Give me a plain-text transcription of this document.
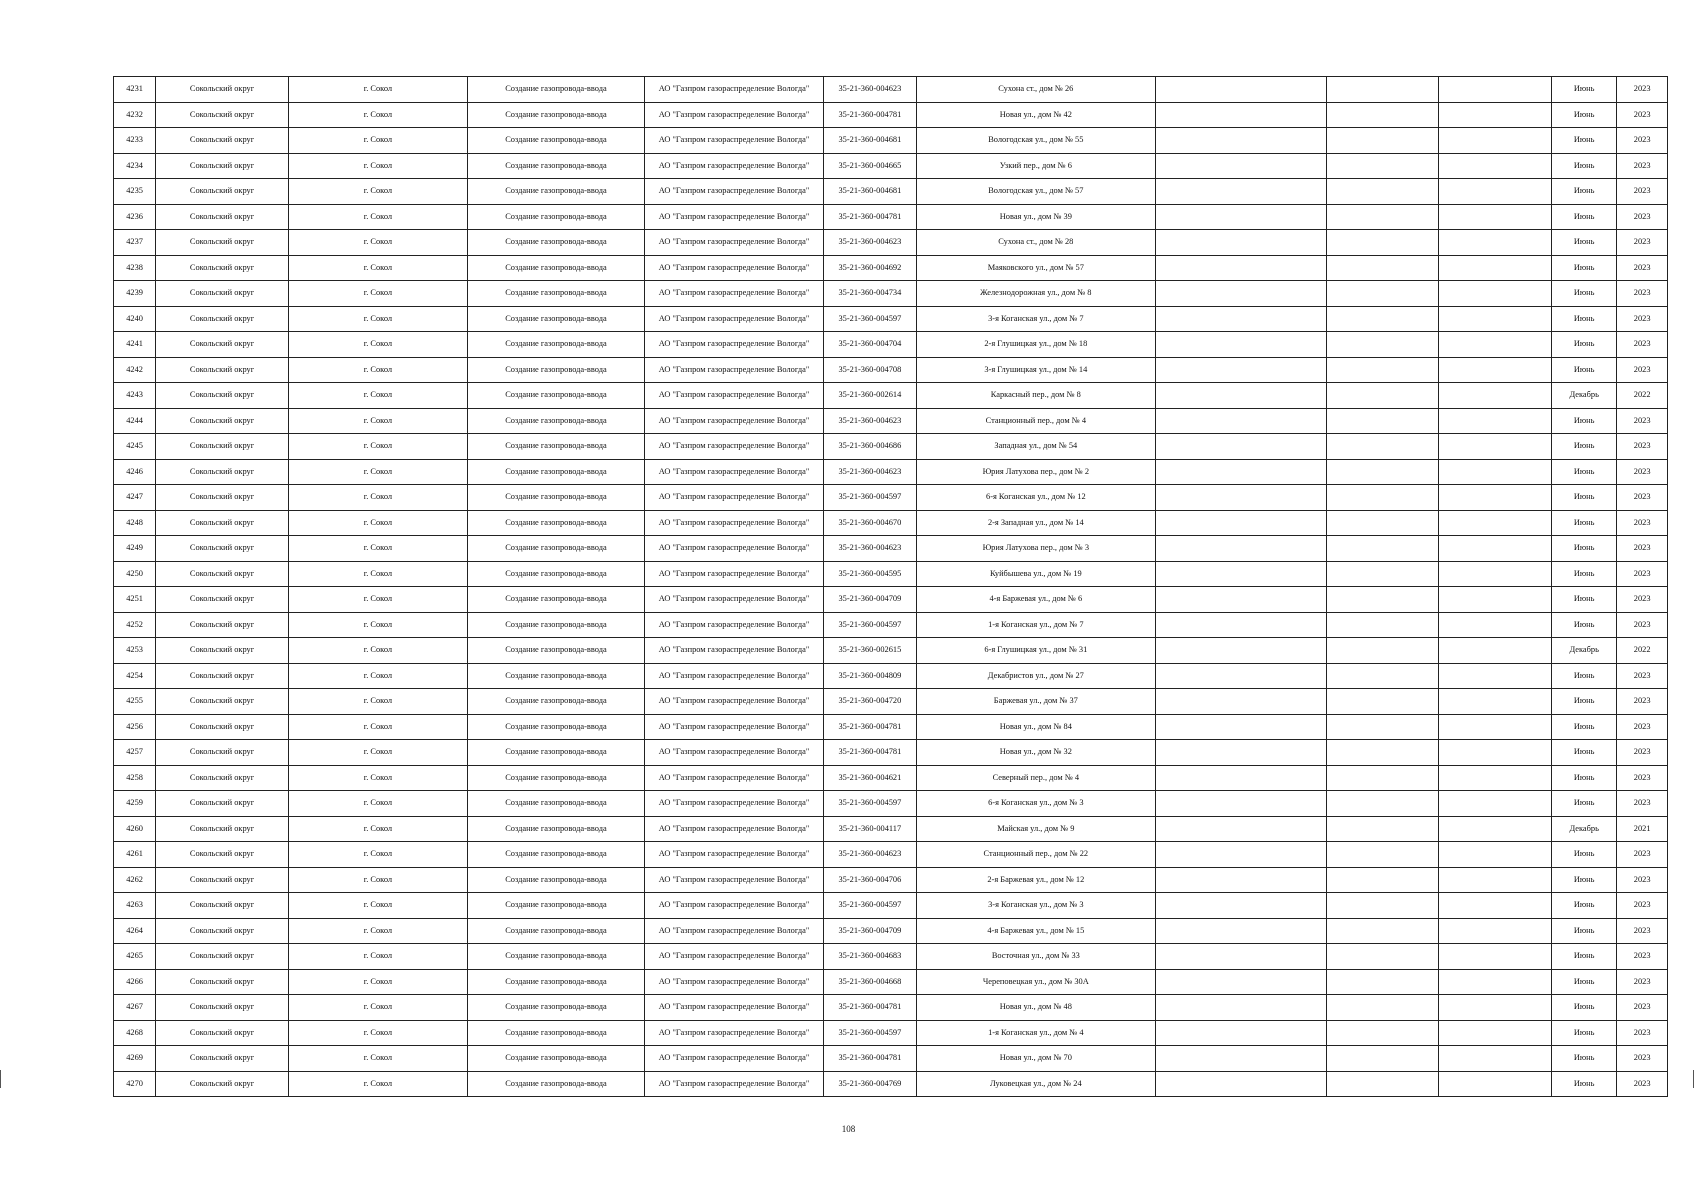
4231	Сокольский округ	г. Сокол	Создание газопровода-ввода	АО "Газпром газораспределение Вологда"	35-21-360-004623	Сухона ст., дом № 26				Июнь	2023
4232	Сокольский округ	г. Сокол	Создание газопровода-ввода	АО "Газпром газораспределение Вологда"	35-21-360-004781	Новая ул., дом № 42				Июнь	2023
4233	Сокольский округ	г. Сокол	Создание газопровода-ввода	АО "Газпром газораспределение Вологда"	35-21-360-004681	Вологодская ул., дом № 55				Июнь	2023
4234	Сокольский округ	г. Сокол	Создание газопровода-ввода	АО "Газпром газораспределение Вологда"	35-21-360-004665	Узкий пер., дом № 6				Июнь	2023
4235	Сокольский округ	г. Сокол	Создание газопровода-ввода	АО "Газпром газораспределение Вологда"	35-21-360-004681	Вологодская ул., дом № 57				Июнь	2023
4236	Сокольский округ	г. Сокол	Создание газопровода-ввода	АО "Газпром газораспределение Вологда"	35-21-360-004781	Новая ул., дом № 39				Июнь	2023
4237	Сокольский округ	г. Сокол	Создание газопровода-ввода	АО "Газпром газораспределение Вологда"	35-21-360-004623	Сухона ст., дом № 28				Июнь	2023
4238	Сокольский округ	г. Сокол	Создание газопровода-ввода	АО "Газпром газораспределение Вологда"	35-21-360-004692	Маяковского ул., дом № 57				Июнь	2023
4239	Сокольский округ	г. Сокол	Создание газопровода-ввода	АО "Газпром газораспределение Вологда"	35-21-360-004734	Железнодорожная ул., дом № 8				Июнь	2023
4240	Сокольский округ	г. Сокол	Создание газопровода-ввода	АО "Газпром газораспределение Вологда"	35-21-360-004597	3-я Коганская ул., дом № 7				Июнь	2023
4241	Сокольский округ	г. Сокол	Создание газопровода-ввода	АО "Газпром газораспределение Вологда"	35-21-360-004704	2-я Глушицкая ул., дом № 18				Июнь	2023
4242	Сокольский округ	г. Сокол	Создание газопровода-ввода	АО "Газпром газораспределение Вологда"	35-21-360-004708	3-я Глушицкая ул., дом № 14				Июнь	2023
4243	Сокольский округ	г. Сокол	Создание газопровода-ввода	АО "Газпром газораспределение Вологда"	35-21-360-002614	Каркасный пер., дом № 8				Декабрь	2022
4244	Сокольский округ	г. Сокол	Создание газопровода-ввода	АО "Газпром газораспределение Вологда"	35-21-360-004623	Станционный пер., дом № 4				Июнь	2023
4245	Сокольский округ	г. Сокол	Создание газопровода-ввода	АО "Газпром газораспределение Вологда"	35-21-360-004686	Западная ул., дом № 54				Июнь	2023
4246	Сокольский округ	г. Сокол	Создание газопровода-ввода	АО "Газпром газораспределение Вологда"	35-21-360-004623	Юрия Латухова пер., дом № 2				Июнь	2023
4247	Сокольский округ	г. Сокол	Создание газопровода-ввода	АО "Газпром газораспределение Вологда"	35-21-360-004597	6-я Коганская ул., дом № 12				Июнь	2023
4248	Сокольский округ	г. Сокол	Создание газопровода-ввода	АО "Газпром газораспределение Вологда"	35-21-360-004670	2-я Западная ул., дом № 14				Июнь	2023
4249	Сокольский округ	г. Сокол	Создание газопровода-ввода	АО "Газпром газораспределение Вологда"	35-21-360-004623	Юрия Латухова пер., дом № 3				Июнь	2023
4250	Сокольский округ	г. Сокол	Создание газопровода-ввода	АО "Газпром газораспределение Вологда"	35-21-360-004595	Куйбышева ул., дом № 19				Июнь	2023
4251	Сокольский округ	г. Сокол	Создание газопровода-ввода	АО "Газпром газораспределение Вологда"	35-21-360-004709	4-я Баржевая ул., дом № 6				Июнь	2023
4252	Сокольский округ	г. Сокол	Создание газопровода-ввода	АО "Газпром газораспределение Вологда"	35-21-360-004597	1-я Коганская ул., дом № 7				Июнь	2023
4253	Сокольский округ	г. Сокол	Создание газопровода-ввода	АО "Газпром газораспределение Вологда"	35-21-360-002615	6-я Глушицкая ул., дом № 31				Декабрь	2022
4254	Сокольский округ	г. Сокол	Создание газопровода-ввода	АО "Газпром газораспределение Вологда"	35-21-360-004809	Декабристов ул., дом № 27				Июнь	2023
4255	Сокольский округ	г. Сокол	Создание газопровода-ввода	АО "Газпром газораспределение Вологда"	35-21-360-004720	Баржевая ул., дом № 37				Июнь	2023
4256	Сокольский округ	г. Сокол	Создание газопровода-ввода	АО "Газпром газораспределение Вологда"	35-21-360-004781	Новая ул., дом № 84				Июнь	2023
4257	Сокольский округ	г. Сокол	Создание газопровода-ввода	АО "Газпром газораспределение Вологда"	35-21-360-004781	Новая ул., дом № 32				Июнь	2023
4258	Сокольский округ	г. Сокол	Создание газопровода-ввода	АО "Газпром газораспределение Вологда"	35-21-360-004621	Северный пер., дом № 4				Июнь	2023
4259	Сокольский округ	г. Сокол	Создание газопровода-ввода	АО "Газпром газораспределение Вологда"	35-21-360-004597	6-я Коганская ул., дом № 3				Июнь	2023
4260	Сокольский округ	г. Сокол	Создание газопровода-ввода	АО "Газпром газораспределение Вологда"	35-21-360-004117	Майская ул., дом № 9				Декабрь	2021
4261	Сокольский округ	г. Сокол	Создание газопровода-ввода	АО "Газпром газораспределение Вологда"	35-21-360-004623	Станционный пер., дом № 22				Июнь	2023
4262	Сокольский округ	г. Сокол	Создание газопровода-ввода	АО "Газпром газораспределение Вологда"	35-21-360-004706	2-я Баржевая ул., дом № 12				Июнь	2023
4263	Сокольский округ	г. Сокол	Создание газопровода-ввода	АО "Газпром газораспределение Вологда"	35-21-360-004597	3-я Коганская ул., дом № 3				Июнь	2023
4264	Сокольский округ	г. Сокол	Создание газопровода-ввода	АО "Газпром газораспределение Вологда"	35-21-360-004709	4-я Баржевая ул., дом № 15				Июнь	2023
4265	Сокольский округ	г. Сокол	Создание газопровода-ввода	АО "Газпром газораспределение Вологда"	35-21-360-004683	Восточная ул., дом № 33				Июнь	2023
4266	Сокольский округ	г. Сокол	Создание газопровода-ввода	АО "Газпром газораспределение Вологда"	35-21-360-004668	Череповецкая ул., дом № 30А				Июнь	2023
4267	Сокольский округ	г. Сокол	Создание газопровода-ввода	АО "Газпром газораспределение Вологда"	35-21-360-004781	Новая ул., дом № 48				Июнь	2023
4268	Сокольский округ	г. Сокол	Создание газопровода-ввода	АО "Газпром газораспределение Вологда"	35-21-360-004597	1-я Коганская ул., дом № 4				Июнь	2023
4269	Сокольский округ	г. Сокол	Создание газопровода-ввода	АО "Газпром газораспределение Вологда"	35-21-360-004781	Новая ул., дом № 70				Июнь	2023
4270	Сокольский округ	г. Сокол	Создание газопровода-ввода	АО "Газпром газораспределение Вологда"	35-21-360-004769	Луковецкая ул., дом № 24				Июнь	2023
108
